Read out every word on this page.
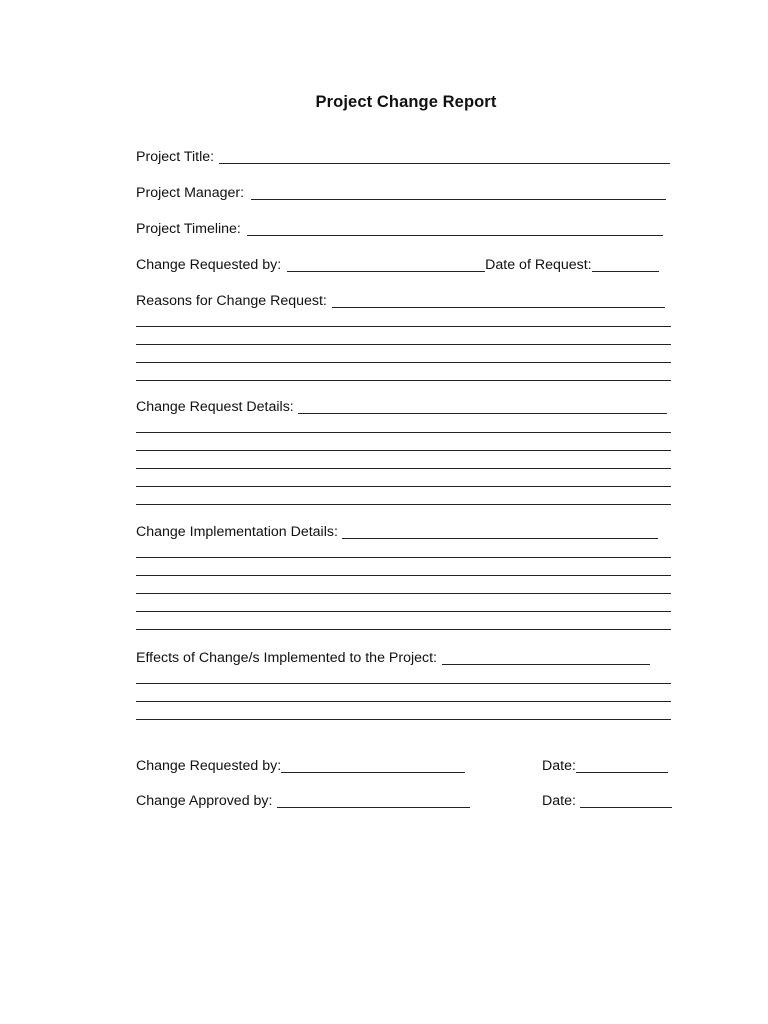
Project Change Report
Project Title:
Project Manager:
Project Timeline:
Change Requested by:	Date of Request:
Reasons for Change Request:
Change Request Details:
Change Implementation Details:
Effects of Change/s Implemented to the Project:
Change Requested by:	Date:
Change Approved by:	Date:
